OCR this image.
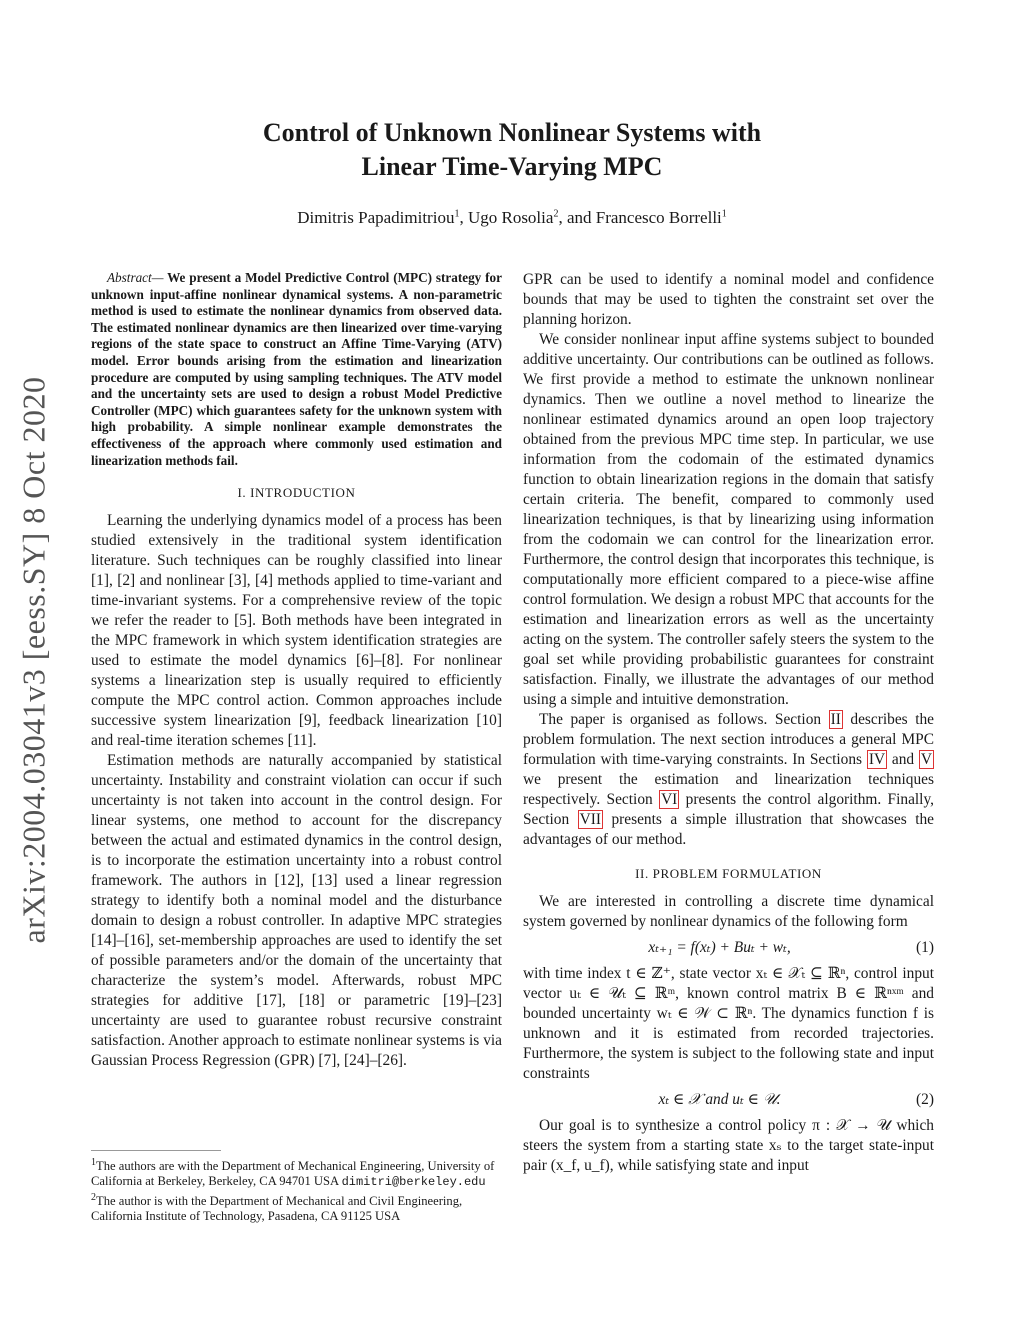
arXiv:2004.03041v3 [eess.SY] 8 Oct 2020
Control of Unknown Nonlinear Systems with
Linear Time-Varying MPC
Dimitris Papadimitriou$^1$, Ugo Rosolia$^2$, and Francesco Borrelli$^1$

Abstract— We present a Model Predictive Control (MPC) strategy for unknown input-affine nonlinear dynamical systems. A non-parametric method is used to estimate the nonlinear dynamics from observed data. The estimated nonlinear dynamics are then linearized over time-varying regions of the state space to construct an Affine Time-Varying (ATV) model. Error bounds arising from the estimation and linearization procedure are computed by using sampling techniques. The ATV model and the uncertainty sets are used to design a robust Model Predictive Controller (MPC) which guarantees safety for the unknown system with high probability. A simple nonlinear example demonstrates the effectiveness of the approach where commonly used estimation and linearization methods fail.

I. INTRODUCTION

Learning the underlying dynamics model of a process has been studied extensively in the traditional system identification literature. Such techniques can be roughly classified into linear [1], [2] and nonlinear [3], [4] methods applied to time-variant and time-invariant systems. For a comprehensive review of the topic we refer the reader to [5]. Both methods have been integrated in the MPC framework in which system identification strategies are used to estimate the model dynamics [6]–[8]. For nonlinear systems a linearization step is usually required to efficiently compute the MPC control action. Common approaches include successive system linearization [9], feedback linearization [10] and real-time iteration schemes [11].

Estimation methods are naturally accompanied by statistical uncertainty. Instability and constraint violation can occur if such uncertainty is not taken into account in the control design. For linear systems, one method to account for the discrepancy between the actual and estimated dynamics in the control design, is to incorporate the estimation uncertainty into a robust control framework. The authors in [12], [13] used a linear regression strategy to identify both a nominal model and the disturbance domain to design a robust controller. In adaptive MPC strategies [14]–[16], set-membership approaches are used to identify the set of possible parameters and/or the domain of the uncertainty that characterize the system’s model. Afterwards, robust MPC strategies for additive [17], [18] or parametric [19]–[23] uncertainty are used to guarantee robust recursive constraint satisfaction. Another approach to estimate nonlinear systems is via Gaussian Process Regression (GPR) [7], [24]–[26].

$^1$The authors are with the Department of Mechanical Engineering, University of California at Berkeley, Berkeley, CA 94701 USA dimitri@berkeley.edu
$^2$The author is with the Department of Mechanical and Civil Engineering, California Institute of Technology, Pasadena, CA 91125 USA

GPR can be used to identify a nominal model and confidence bounds that may be used to tighten the constraint set over the planning horizon.

We consider nonlinear input affine systems subject to bounded additive uncertainty. Our contributions can be outlined as follows. We first provide a method to estimate the unknown nonlinear dynamics. Then we outline a novel method to linearize the nonlinear estimated dynamics around an open loop trajectory obtained from the previous MPC time step. In particular, we use information from the codomain of the estimated dynamics function to obtain linearization regions in the domain that satisfy certain criteria. The benefit, compared to commonly used linearization techniques, is that by linearizing using information from the codomain we can control for the linearization error. Furthermore, the control design that incorporates this technique, is computationally more efficient compared to a piece-wise affine control formulation. We design a robust MPC that accounts for the estimation and linearization errors as well as the uncertainty acting on the system. The controller safely steers the system to the goal set while providing probabilistic guarantees for constraint satisfaction. Finally, we illustrate the advantages of our method using a simple and intuitive demonstration.

The paper is organised as follows. Section II describes the problem formulation. The next section introduces a general MPC formulation with time-varying constraints. In Sections IV and V we present the estimation and linearization techniques respectively. Section VI presents the control algorithm. Finally, Section VII presents a simple illustration that showcases the advantages of our method.

II. PROBLEM FORMULATION

We are interested in controlling a discrete time dynamical system governed by nonlinear dynamics of the following form

xₜ₊₁ = f(xₜ) + Buₜ + wₜ,	(1)

with time index t ∈ ℤ⁺, state vector xₜ ∈ 𝒳ₜ ⊆ ℝⁿ, control input vector uₜ ∈ 𝒰ₜ ⊆ ℝᵐ, known control matrix B ∈ ℝⁿˣᵐ and bounded uncertainty wₜ ∈ 𝒲 ⊂ ℝⁿ. The dynamics function f is unknown and it is estimated from recorded trajectories. Furthermore, the system is subject to the following state and input constraints

xₜ ∈ 𝒳 and uₜ ∈ 𝒰.	(2)

Our goal is to synthesize a control policy π : 𝒳 → 𝒰 which steers the system from a starting state xₛ to the target state-input pair (x_f, u_f), while satisfying state and input
